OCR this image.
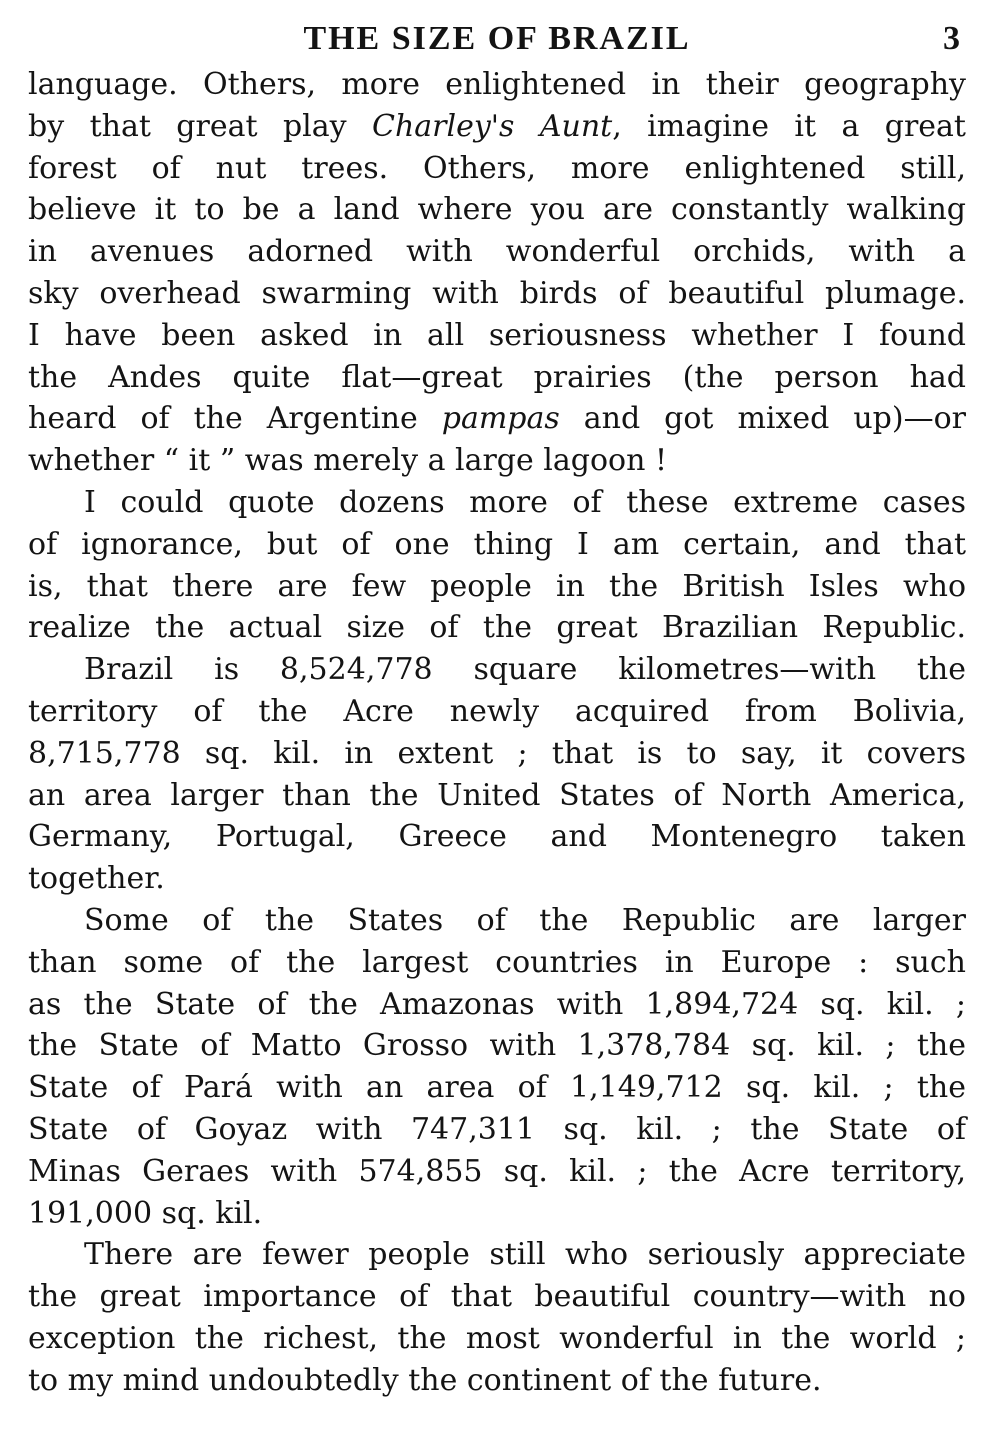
THE SIZE OF BRAZIL	3

language. Others, more enlightened in their geography
by that great play Charley's Aunt, imagine it a great
forest of nut trees. Others, more enlightened still,
believe it to be a land where you are constantly walking
in avenues adorned with wonderful orchids, with a
sky overhead swarming with birds of beautiful plumage.
I have been asked in all seriousness whether I found
the Andes quite flat—great prairies (the person had
heard of the Argentine pampas and got mixed up)—or
whether “ it ” was merely a large lagoon !

I could quote dozens more of these extreme cases
of ignorance, but of one thing I am certain, and that
is, that there are few people in the British Isles who
realize the actual size of the great Brazilian Republic.

Brazil is 8,524,778 square kilometres—with the
territory of the Acre newly acquired from Bolivia,
8,715,778 sq. kil. in extent ; that is to say, it covers
an area larger than the United States of North America,
Germany, Portugal, Greece and Montenegro taken
together.

Some of the States of the Republic are larger
than some of the largest countries in Europe : such
as the State of the Amazonas with 1,894,724 sq. kil. ;
the State of Matto Grosso with 1,378,784 sq. kil. ; the
State of Pará with an area of 1,149,712 sq. kil. ; the
State of Goyaz with 747,311 sq. kil. ; the State of
Minas Geraes with 574,855 sq. kil. ; the Acre territory,
191,000 sq. kil.

There are fewer people still who seriously appreciate
the great importance of that beautiful country—with no
exception the richest, the most wonderful in the world ;
to my mind undoubtedly the continent of the future.
